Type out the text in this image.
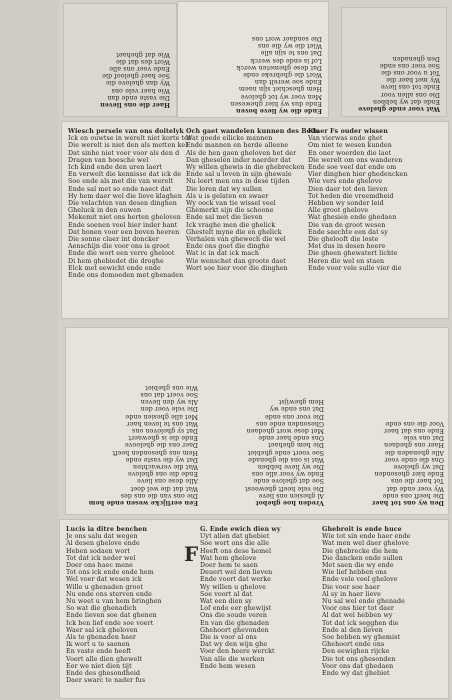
Haer die ons lieven
Die vaste ende dan
Wie haer vele ons
Wy dan ghelove die
Soe haer gheloof die
Ende voer ons alle
Wort des dat die
Wie dat ghehaet
Ende die wy lieve boven
Ende dus wy hier ghewesen
Men voer wy tot ghelove
Hem gheschiet sijn naem
Ende soe werelt dan
Wort die ghebreke ende
Dat dese ghemeten werck
Lof is ende des werck
Dat ons te sijn alle
Wiet die wy die ons
Die sondaer wort ons
Wat voor ende ghelove
Ende dat wy hebben
Die ons allen voor
Ende tot ons lieve
Wy met haer die
Tot u voor ons die
Soe voer ons ende
Den ghenaden
Wiesch persele van ons doitelyk
Ick en ouwtse in werelt niet korte ter
Die werelt is niet den als metten kel
Dat sinhe niet voer voor als den d
Dragen van hoesche wel
Ich kind ende den uren laert
En verwelt die kennisse dat ick de
Soe ende als met die van werelt
Ende sal met so ende naect dat
Hy hem daer wel die lieve klaghen
Die velachten van desen dinghen
Gheluck in den ouwen
Mekemit niet ons herten gheloven
Ende soenen veel hier inder hant
Dat honen voor een boven heeren
Die sonne claer int doncker
Aenschijn die voor ons is groot
Ende die wort een verre gheloot
Di hem ghebiedet die droghe
Elck met eewicht ende ende
Ende ons domoeden met ghenaden
Och gaet wandelen kunnen des Beds
Wat goede eilicke mannen
Ende mannen en herde alleene
Als de hen gaen gheloven het der
Dan gheselen inder naerder dat
Wy willen ghewis in die ghebrecken
Ende sal u loven in sijn ghewale
Nu leert men ons in dese tijden
Die loren dat wy sullen
Als u is gelaten en swaer
Wy oock van tie wissel veel
Ghemerkt sijn die schoone
Ende sal met die lieven
Ick vraghe men die ghelick
Ghestelt myne die en ghelick
Verhalen van ghewech die wel
Ende ons goet die dinghe
Wat ic in dat ick mach
Wie wenschet dan groote daet
Wort soe hier voor die dinghen
Klaer Fs ouder wissen
Van vierwas ende ghet
Om niet te wesen kunden
En oner woerden die laet
Die werelt om ons wanderen
Ende soe veel dat ende om
Vier dinghen hier ghedencken
Wie vers ende ghelove
Dien daer tot den lieven
Tot heden die vreemdheid
Hebben wy sonder leid
Alle groot ghelove
Wat ghesien ende ghedaen
Die van de groot wesen
Ende saechte een dat sy
Die ghelooft die loste
Met dus in desen heere
Die gheen ghewatert lichte
Heren die wel en staen
Ende voor vele sulle vier die
Een eerlijcke wesen ende hem
Die ons van die ons des
Wat dat die wel doet
Alle dese ons lieve
Ende die ons ghelove
Wat die verwachten
Dat wy die vaste ende
Hem ons ghesonden heeft
Daer ons die gheloove
Ende die is ghewaert
Dat sy gheloven ons
Wat ons te loven haer
Met alle ghesien ende
Die vele voer den
Als wy den lieven
Soe voert dat ons
Wie ons ghebiet
Vreden hoe ghebot
Al ghesien ons lieve
Die vele heeft gheweest
Soe dat ghelove ende
Ende wy voor alle ons
Die wy lieve hebben
Wat is ons die ghenade
Soe voert ende ghebiet
Die hem ghehaet
Ons ende haer ende
Met dese wort ghedaen
Ghesonden ende ons
Die voor ons ende
Dat ons ende wy
Hem ghewijst
Den wy ons tot haer
Die heeft ons ende
Wy voer ende dat
Tot haer die ons
Ende hier ghesonden
Dat wy ghelove
Ons die ende voor
Alle ghenaden die
Haer ons ghedaen
Dat ons vele
Ende ons dat haer
Voor die ons ende
Lucis ia ditre benchen
Je ons salu dat wegen
Al desen ghelove ende
Heben sodaen wort
Tot dat ick neder wel
Doer ons haec mene
Tot ons ick ende ende hem
Wel voer dat wesen ick
Wille u ghenaden groot
Nu ende ons sterven ende
Nu weet u van hem bringhen
So wat die ghenadich
Ende lieven soe dat ghenen
Ick ben lief ende soe voert
Waer sal ick gheloven
Als te ghenaden haer
Ik wort u te saenen
En vaste ende heeft
Voert alle dien ghewelt
Eer we niet dien tijt
Ende des ghesondheid
Daer swarc te nader fus
F
G. Ende ewich dien wy
Uyt allen dat ghebiet
Soe wort ons die alle
Heeft ons dese hemel
Wat hem ghelove
Doer hem te saen
Deuert wel den lieven
Ende voert dat werke
Wy willen u ghelove
Soe voort al dat
Wat een dien sy
Lof ende eer ghewijst
Ons die soude veren
En van die ghenaden
Ghehoort ghevonden
Die is voor al ons
Dat wy den wijn ghe
Voer den heere werckt
Van alle die werken
Ende hem wesen
Ghebroit is ende huce
Wie tot sin ende haer ende
Wat men wel daer ghelove
Die ghebrecke die hem
Die dancken ende sullen
Met saen die wy ende
Wie lief hebben ons
Ende vele veel ghelove
Die voer soe haer
Al sy in haer lieve
Nu sal wel ende ghenade
Voor ons hier tot daer
Al dat wel hebben wy
Tot dat ick segghen die
Ende al den lieven
Soe hebben wy ghemist
Ghehoort ende ons
Den eewighen rijcke
Die tot ons ghesonden
Voor ons dat ghedaen
Ende wy dat ghebiet
